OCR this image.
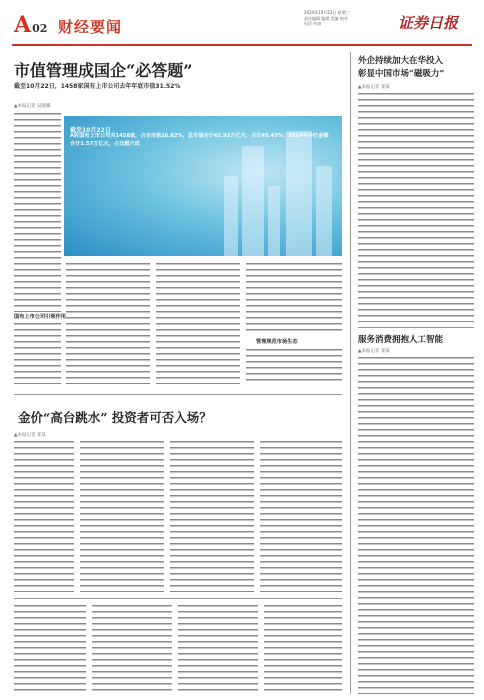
A02 财经要闻
2024年10月23日 星期三
责任编辑 编辑 美编 校对
电话 传真	证券日报
市值管理成国企“必答题”
截至10月22日，1458家国有上市公司去年年底市值31.52%
▲本报记者 吴晓璐
截至10月22日
A股国有上市公司共1458家，占全市场26.82%，总市值合计42.92万亿元，占比45.43%；2024年分红金额合计1.57万亿元，占比超六成
国有上市公司引领作用
管理规范市场生态
金价“高台跳水” 投资者可否入场？
▲本报记者 某某
外企持续加大在华投入
彰显中国市场“磁吸力”
▲本报记者 某某
服务消费拥抱人工智能
▲本报记者 某某
